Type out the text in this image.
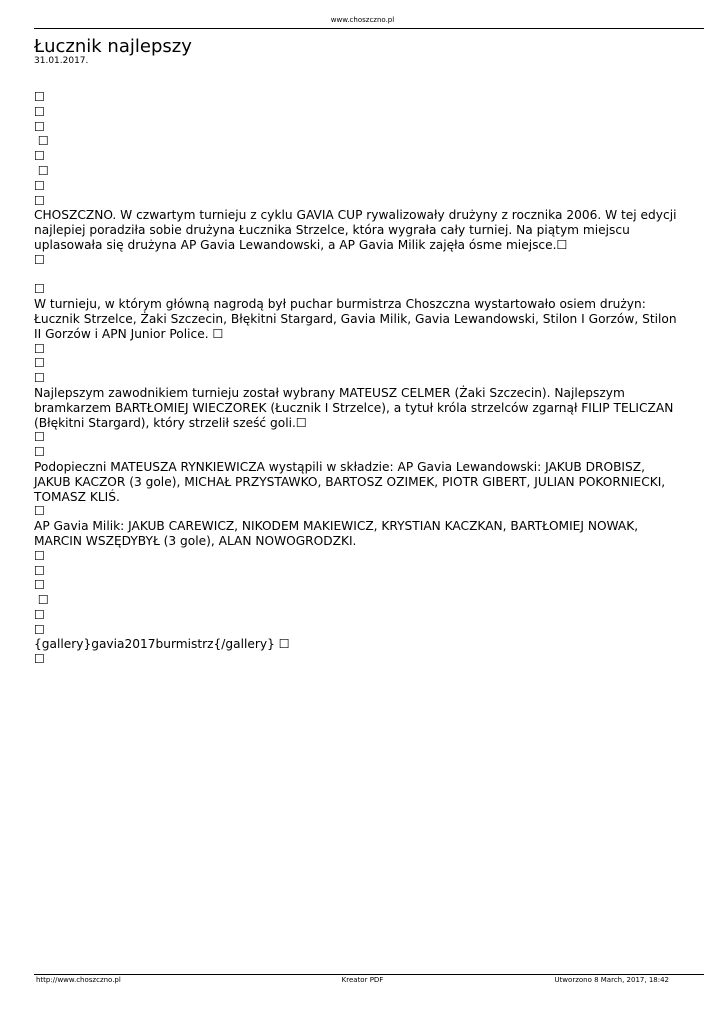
www.choszczno.pl
Łucznik najlepszy
31.01.2017.
☐
☐
☐
☐
☐
☐
☐
☐
CHOSZCZNO. W czwartym turnieju z cyklu GAVIA CUP rywalizowały drużyny z rocznika 2006. W tej edycji najlepiej poradziła sobie drużyna Łucznika Strzelce, która wygrała cały turniej. Na piątym miejscu uplasowała się drużyna AP Gavia Lewandowski, a AP Gavia Milik zajęła ósme miejsce.☐
☐
☐
W turnieju, w którym główną nagrodą był puchar burmistrza Choszczna wystartowało osiem drużyn: Łucznik Strzelce, Żaki Szczecin, Błękitni Stargard, Gavia Milik, Gavia Lewandowski, Stilon I Gorzów, Stilon II Gorzów i APN Junior Police. ☐
☐
☐
☐
Najlepszym zawodnikiem turnieju został wybrany MATEUSZ CELMER (Żaki Szczecin). Najlepszym bramkarzem BARTŁOMIEJ WIECZOREK (Łucznik I Strzelce), a tytuł króla strzelców zgarnął FILIP TELICZAN (Błękitni Stargard), który strzelił sześć goli.☐
☐
☐
Podopieczni MATEUSZA RYNKIEWICZA wystąpili w składzie: AP Gavia Lewandowski: JAKUB DROBISZ, JAKUB KACZOR (3 gole), MICHAŁ PRZYSTAWKO, BARTOSZ OZIMEK, PIOTR GIBERT, JULIAN POKORNIECKI, TOMASZ KLIŚ.
☐
AP Gavia Milik: JAKUB CAREWICZ, NIKODEM MAKIEWICZ, KRYSTIAN KACZKAN, BARTŁOMIEJ NOWAK, MARCIN WSZĘDYBYŁ (3 gole), ALAN NOWOGRODZKI.
☐
☐
☐
☐
☐
☐
{gallery}gavia2017burmistrz{/gallery} ☐
☐
http://www.choszczno.pl	Kreator PDF	Utworzono 8 March, 2017, 18:42
